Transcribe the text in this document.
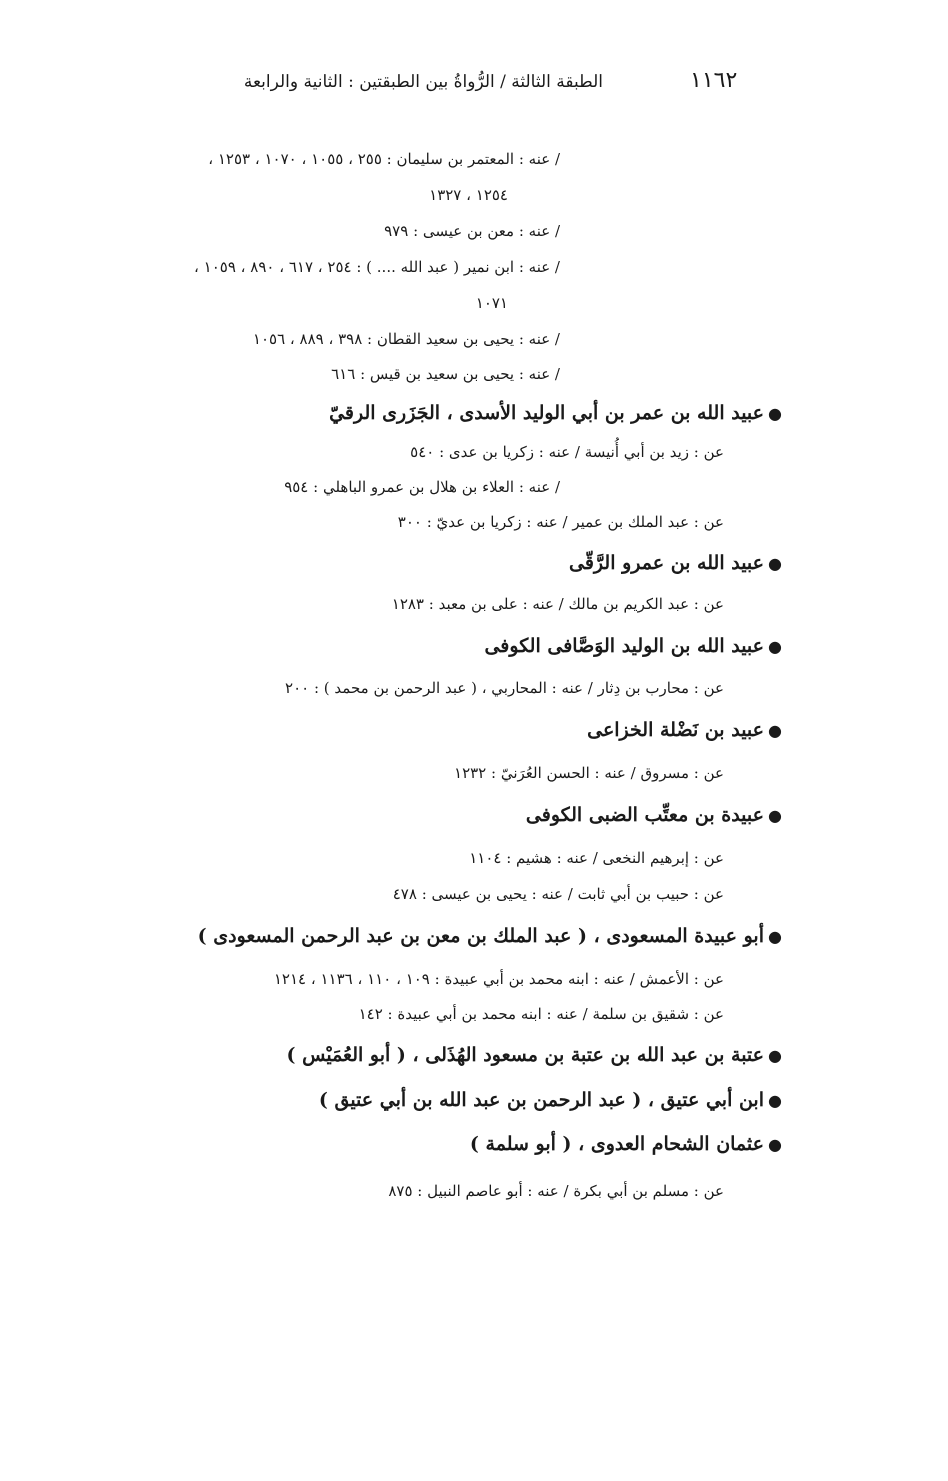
١١٦٢
الطبقة الثالثة / الرُّواةُ بين الطبقتين : الثانية والرابعة
/ عنه : المعتمر بن سليمان : ٢٥٥ ، ١٠٥٥ ، ١٠٧٠ ، ١٢٥٣ ،
١٢٥٤ ، ١٣٢٧
/ عنه : معن بن عيسى : ٩٧٩
/ عنه : ابن نمير ( عبد الله .... ) : ٢٥٤ ، ٦١٧ ، ٨٩٠ ، ١٠٥٩ ،
١٠٧١
/ عنه : يحيى بن سعيد القطان : ٣٩٨ ، ٨٨٩ ، ١٠٥٦
/ عنه : يحيى بن سعيد بن قيس : ٦١٦
●عبيد الله بن عمر بن أبي الوليد الأسدى ، الجَزَرى الرقيّ
عن : زيد بن أبي أُنيسة / عنه : زكريا بن عدى : ٥٤٠
/ عنه : العلاء بن هلال بن عمرو الباهلي : ٩٥٤
عن : عبد الملك بن عمير / عنه : زكريا بن عديّ : ٣٠٠
●عبيد الله بن عمرو الرَّقّى
عن : عبد الكريم بن مالك / عنه : على بن معبد : ١٢٨٣
●عبيد الله بن الوليد الوَصَّافى الكوفى
عن : محارب بن دِثار / عنه : المحاربي ، ( عبد الرحمن بن محمد ) : ٢٠٠
●عبيد بن نَضْلة الخزاعى
عن : مسروق / عنه : الحسن العُرَنيّ : ١٢٣٢
●عبيدة بن معتِّب الضبى الكوفى
عن : إبرهيم النخعى / عنه : هشيم : ١١٠٤
عن : حبيب بن أبي ثابت / عنه : يحيى بن عيسى : ٤٧٨
●أبو عبيدة المسعودى ، ( عبد الملك بن معن بن عبد الرحمن المسعودى )
عن : الأعمش / عنه : ابنه محمد بن أبي عبيدة : ١٠٩ ، ١١٠ ، ١١٣٦ ، ١٢١٤
عن : شقيق بن سلمة / عنه : ابنه محمد بن أبي عبيدة : ١٤٢
●عتبة بن عبد الله بن عتبة بن مسعود الهُذَلى ، ( أبو العُمَيْس )
●ابن أبي عتيق ، ( عبد الرحمن بن عبد الله بن أبي عتيق )
●عثمان الشحام العدوى ، ( أبو سلمة )
عن : مسلم بن أبي بكرة / عنه : أبو عاصم النبيل : ٨٧٥
